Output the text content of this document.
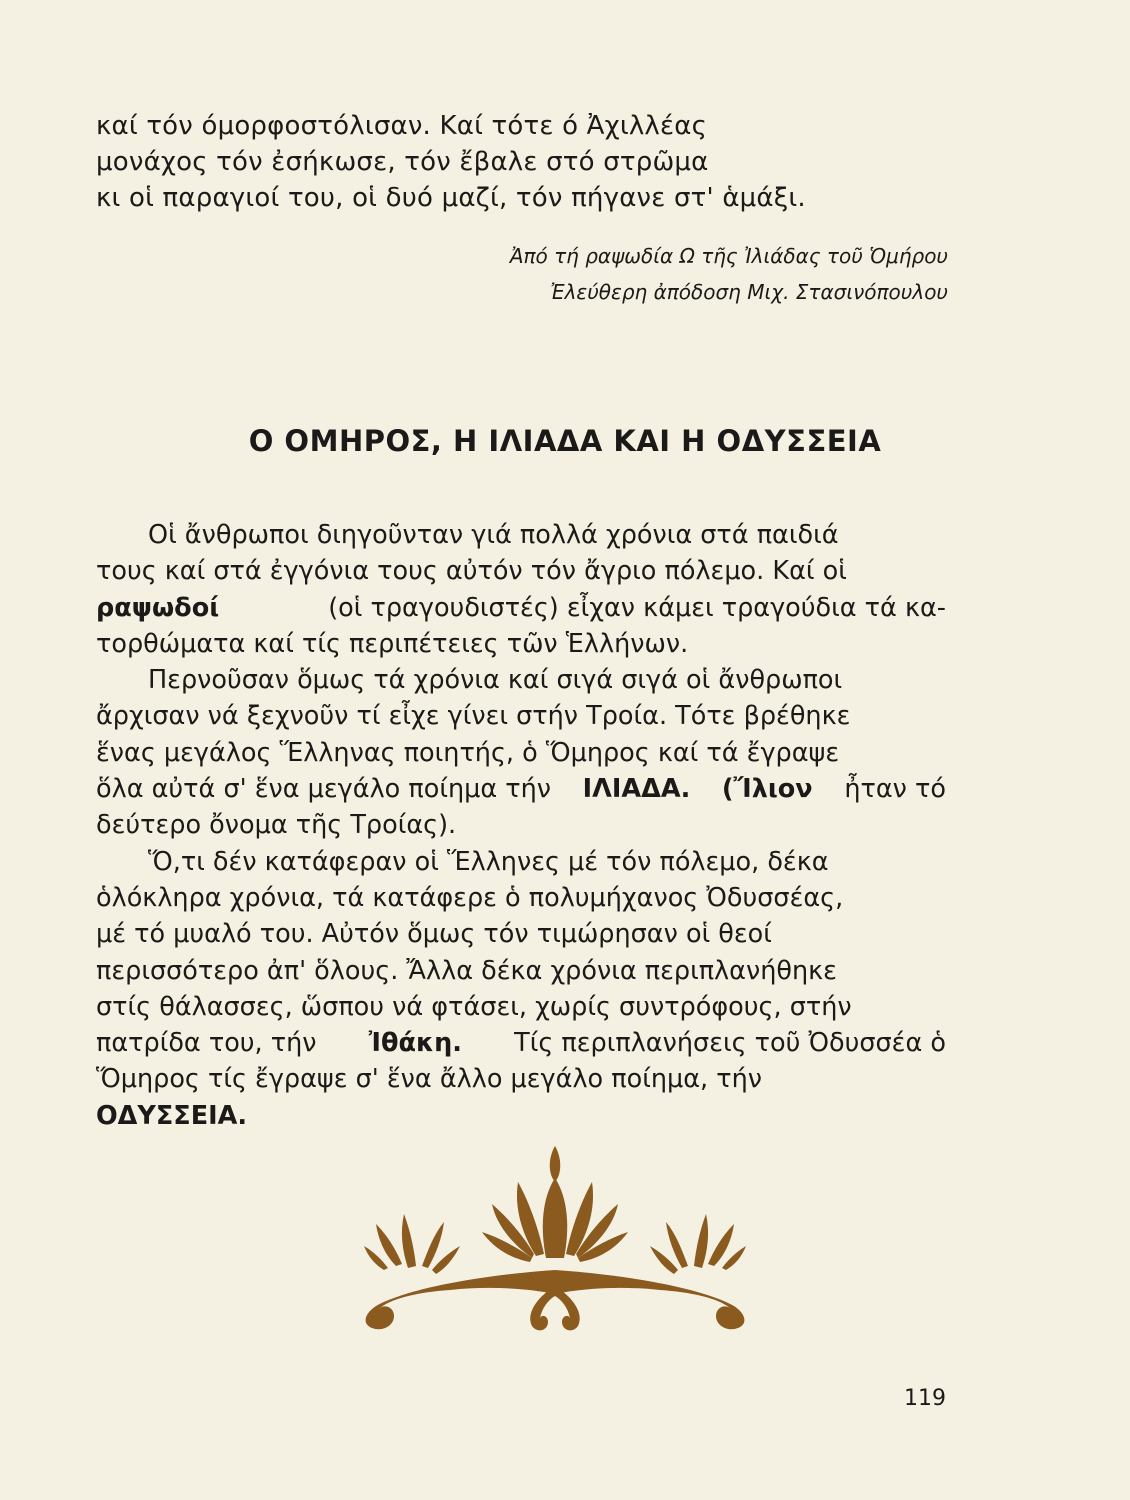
καί τόν όμορφοστόλισαν. Καί τότε ό Ἀχιλλέας
μονάχος τόν ἐσήκωσε, τόν ἔβαλε στό στρῶμα
κι οἱ παραγιοί του, οἱ δυό μαζί, τόν πήγανε στ' ἁμάξι.
Ἀπό τή ραψωδία Ω τῆς Ἰλιάδας τοῦ Ὁμήρου
Ἐλεύθερη ἀπόδοση Μιχ. Στασινόπουλου
Ο ΟΜΗΡΟΣ, Η ΙΛΙΑΔΑ ΚΑΙ Η ΟΔΥΣΣΕΙΑ
Οἱ ἄνθρωποι διηγοῦνταν γιά πολλά χρόνια στά παιδιά
τους καί στά ἐγγόνια τους αὐτόν τόν ἄγριο πόλεμο. Καί οἱ
ραψωδοί	(οἱ τραγουδιστές) εἶχαν κάμει τραγούδια τά κα-
τορθώματα καί τίς περιπέτειες τῶν Ἑλλήνων.
Περνοῦσαν ὅμως τά χρόνια καί σιγά σιγά οἱ ἄνθρωποι
ἄρχισαν νά ξεχνοῦν τί εἶχε γίνει στήν Τροία. Τότε βρέθηκε
ἕνας μεγάλος Ἕλληνας ποιητής, ὁ Ὅμηρος καί τά ἔγραψε
ὅλα αὐτά σ' ἕνα μεγάλο ποίημα τήν ΙΛΙΑΔΑ. (Ἴλιον ἦταν τό
δεύτερο ὄνομα τῆς Τροίας).
Ὅ,τι δέν κατάφεραν οἱ Ἕλληνες μέ τόν πόλεμο, δέκα
ὁλόκληρα χρόνια, τά κατάφερε ὁ πολυμήχανος Ὀδυσσέας,
μέ τό μυαλό του. Αὐτόν ὅμως τόν τιμώρησαν οἱ θεοί
περισσότερο ἀπ' ὅλους. Ἄλλα δέκα χρόνια περιπλανήθηκε
στίς θάλασσες, ὥσπου νά φτάσει, χωρίς συντρόφους, στήν
πατρίδα του, τήν Ἰθάκη. Τίς περιπλανήσεις τοῦ Ὀδυσσέα ὁ
Ὅμηρος τίς ἔγραψε σ' ἕνα ἄλλο μεγάλο ποίημα, τήν
ΟΔΥΣΣΕΙΑ.
119
